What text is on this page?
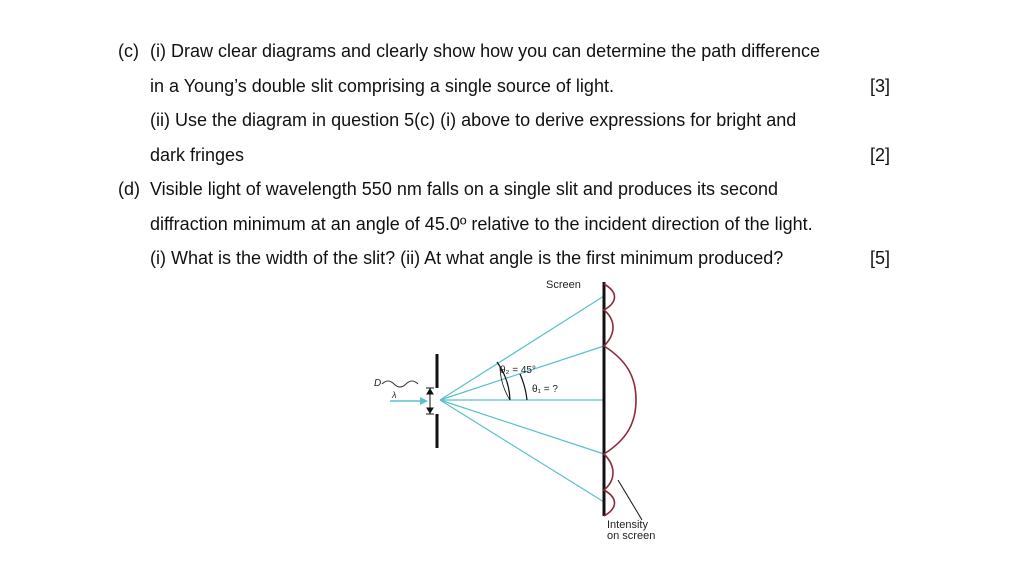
(c) (i) Draw clear diagrams and clearly show how you can determine the path difference
in a Young’s double slit comprising a single source of light.	[3]
(ii) Use the diagram in question 5(c) (i) above to derive expressions for bright and
dark fringes	[2]
(d) Visible light of wavelength 550 nm falls on a single slit and produces its second
diffraction minimum at an angle of 45.0º relative to the incident direction of the light.
(i) What is the width of the slit? (ii) At what angle is the first minimum produced?	[5]
D
λ
θ₂ = 45°
θ₁ = ?
Screen
Intensity
on screen
